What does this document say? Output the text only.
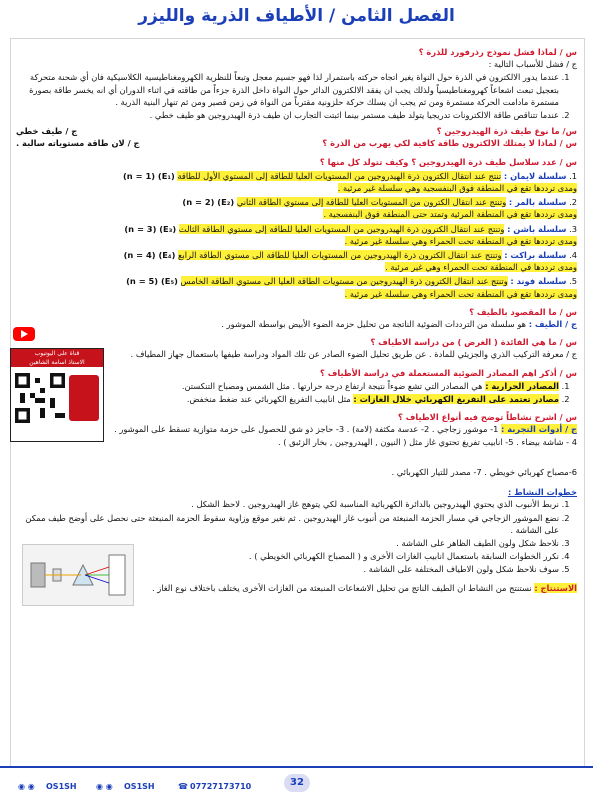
الفصل الثامن / الأطياف الذرية والليزر
س / لماذا فشل نموذج رذرفورد للذرة ؟
ج / فشل للأسباب التالية :
1. عندما يدور الالكترون في الذرة حول النواة يغير اتجاه حركته باستمرار لذا فهو جسيم معجل وتبعاً للنظرية الكهرومغناطيسية الكلاسيكية فان أي شحنة متحركة بتعجيل تبعث اشعاعاً كهرومغناطيسياً ولذلك يجب ان يفقد الالكترون الدائر حول النواة داخل الذرة جزءاً من طاقته في اثناء الدوران أي انه يخسر طاقة بصورة مستمرة مادامت الحركة مستمرة ومن ثم يجب ان يسلك حركة حلزونية مقترباً من النواة في زمن قصير ومن ثم تنهار البنية الذرية .
2. عندما تتناقص طاقة الالكترونات تدريجيا يتولد طيف مستمر بينما اثبتت التجارب ان طيف ذرة الهيدروجين هو طيف خطي .
س/ ما نوع طيف ذرة الهيدروجين ؟
ج / طيف خطي
س / لماذا لا يمتلك الالكترون طاقة كافية لكي يهرب من الذرة ؟
ج / لان طاقة مستوياته سالبة .
س / عدد سلاسل طيف ذرة الهيدروجين ؟ وكيف تتولد كل منها ؟
1. سلسلة لايمان : تنتج عند انتقال الكترون ذرة الهيدروجين من المستويات العليا للطاقة إلى المستوي الأول للطاقة (n = 1) (E₁)
ومدى ترددها تقع في المنطقة فوق البنفسجية وهي سلسلة غير مرئية .
2. سلسلة بالمر : وتنتج عند انتقال الكترون من المستويات العليا للطاقة إلى مستوي الطاقة الثاني (n = 2) (E₂)
ومدى ترددها تقع في المنطقة المرئية وتمتد حتى المنطقة فوق البنفسجية .
3. سلسلة باشن : وتنتج عند انتقال الكترون ذرة الهيدروجين من المستويات العليا للطاقة إلى مستوي الطاقة الثالث (n = 3) (E₃)
ومدى ترددها تقع في المنطقة تحت الحمراء وهي سلسلة غير مرئية .
4. سلسلة براكت : وتنتج عند انتقال الكترون ذرة الهيدروجين من المستويات العليا للطاقة الى مستوي الطاقة الرابع (n = 4) (E₄)
ومدى ترددها في المنطقة تحت الحمراء وهي غير مرئية .
5. سلسلة فوند : وتنتج عند انتقال الكترون ذرة الهيدروجين من مستويات الطاقة العليا الى مستوي الطاقة الخامس (n = 5) (E₅)
ومدى ترددها تقع في المنطقة تحت الحمراء وهي سلسلة غير مرئية .
س / ما المقصود بالطيف ؟
ج / الطيف : هو سلسلة من الترددات الضوئية الناتجة من تحليل حزمة الضوء الأبيض بواسطة الموشور .
س / ما هي الفائدة ( الغرض ) من دراسة الاطياف ؟
ج / معرفة التركيب الذري والجزيئي للمادة . عن طريق تحليل الضوء الصادر عن تلك المواد ودراسة طيفها باستعمال جهاز المطياف .
س / أذكر اهم المصادر الضوئية المستعملة في دراسة الأطياف ؟
1. المصادر الحرارية : هي المصادر التي تشع ضوءاً نتيجة ارتفاع درجة حرارتها . مثل الشمس ومصباح التنكستن.
2. مصادر تعتمد على التفريغ الكهربائي خلال الغازات : مثل انابيب التفريغ الكهربائي عند ضغط منخفض.
س / اشرح نشاطاً توضح فيه أنواع الاطياف ؟
ج / أدوات التجربة : 1- موشور زجاجي . 2- عدسة مكثفة (لامة) . 3- حاجز ذو شق للحصول على حزمة متوازية تسقط على الموشور .
4 - شاشة بيضاء . 5- انابيب تفريغ تحتوي غاز مثل ( النيون , الهيدروجين , بخار الزئبق ) .
6-مصباح كهربائي خويطي . 7- مصدر للتيار الكهربائي .
خطوات النشاط :
1. نربط الأنبوب الذي يحتوي الهيدروجين بالدائرة الكهربائية المناسبة لكي يتوهج غاز الهيدروجين . لاحظ الشكل .
2. نضع الموشور الزجاجي في مسار الحزمة المنبعثة من أنبوب غاز الهيدروجين . ثم نغير موقع وزاوية سقوط الحزمة المنبعثة حتى نحصل على أوضح طيف ممكن على الشاشة .
3. نلاحظ شكل ولون الطيف الظاهر على الشاشة .
4. نكرر الخطوات السابقة باستعمال انابيب الغازات الأخرى و ( المصباح الكهربائي الخويطي ) .
5. سوف نلاحظ شكل ولون الاطياف المختلفة على الشاشة .
الاستنتاج : نستنتج من النشاط ان الطيف الناتج من تحليل الاشعاعات المنبعثة من الغازات الأخرى يختلف باختلاف نوع الغاز .
قناة على اليوتيوب
الاستاذ اسامة الشاهين
◉ ◉ OS1SH ◉ ◉ OS1SH	☎ 07727173710	32
